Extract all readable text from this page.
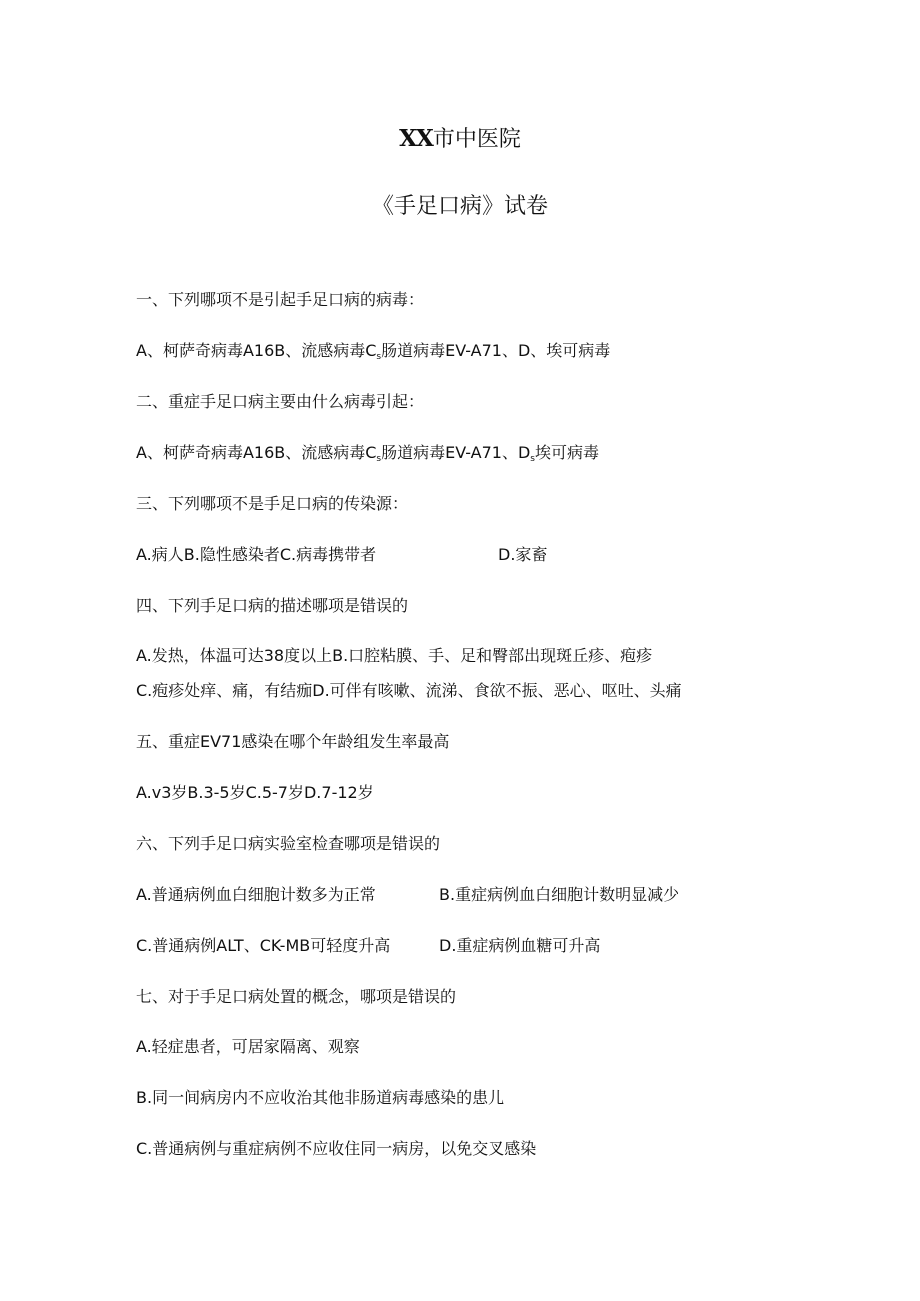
XX市中医院
《手足口病》试卷
一、下列哪项不是引起手足口病的病毒：
A、柯萨奇病毒A16B、流感病毒$C_s$肠道病毒EV-A71、D、埃可病毒
二、重症手足口病主要由什么病毒引起：
A、柯萨奇病毒A16B、流感病毒$C_s$肠道病毒EV-A71、$D_s$埃可病毒
三、下列哪项不是手足口病的传染源：
A.病人B.隐性感染者C.病毒携带者	D.家畜
四、下列手足口病的描述哪项是错误的
A.发热，体温可达38度以上B.口腔粘膜、手、足和臀部出现斑丘疹、疱疹
C.疱疹处痒、痛，有结痂D.可伴有咳嗽、流涕、食欲不振、恶心、呕吐、头痛
五、重症EV71感染在哪个年龄组发生率最高
A.v3岁B.3-5岁C.5-7岁D.7-12岁
六、下列手足口病实验室检查哪项是错误的
A.普通病例血白细胞计数多为正常	B.重症病例血白细胞计数明显减少
C.普通病例ALT、CK-MB可轻度升高	D.重症病例血糖可升高
七、对于手足口病处置的概念，哪项是错误的
A.轻症患者，可居家隔离、观察
B.同一间病房内不应收治其他非肠道病毒感染的患儿
C.普通病例与重症病例不应收住同一病房，以免交叉感染
